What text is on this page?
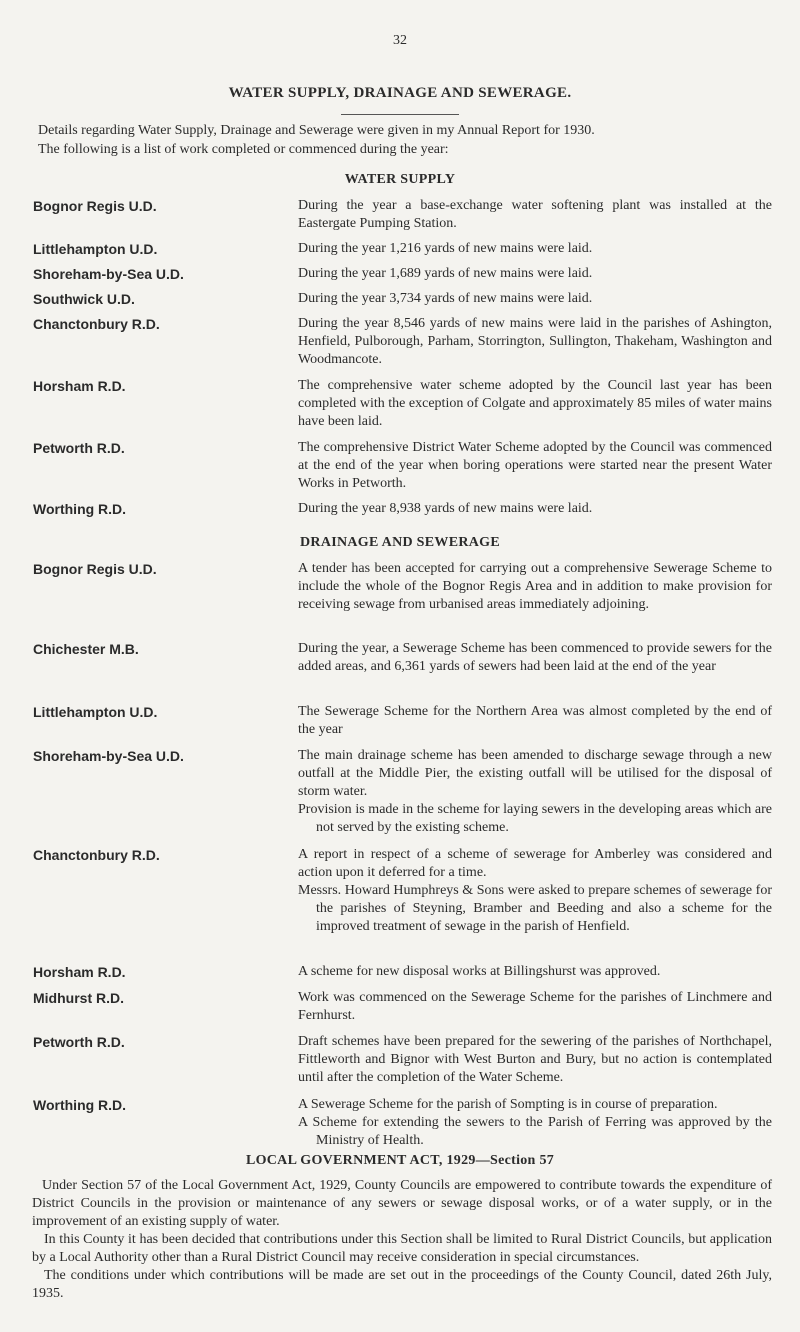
32
WATER SUPPLY, DRAINAGE AND SEWERAGE.

Details regarding Water Supply, Drainage and Sewerage were given in my Annual Report for 1930.

The following is a list of work completed or commenced during the year:

WATER SUPPLY
Bognor Regis U.D.	During the year a base-exchange water softening plant was installed at the Eastergate Pumping Station.

Littlehampton U.D.	During the year 1,216 yards of new mains were laid.

Shoreham-by-Sea U.D.	During the year 1,689 yards of new mains were laid.

Southwick U.D.	During the year 3,734 yards of new mains were laid.

Chanctonbury R.D.	During the year 8,546 yards of new mains were laid in the parishes of Ashington, Henfield, Pulborough, Parham, Storrington, Sullington, Thakeham, Washington and Woodmancote.

Horsham R.D.	The comprehensive water scheme adopted by the Council last year has been completed with the exception of Colgate and approximately 85 miles of water mains have been laid.

Petworth R.D.	The comprehensive District Water Scheme adopted by the Council was commenced at the end of the year when boring operations were started near the present Water Works in Petworth.

Worthing R.D.	During the year 8,938 yards of new mains were laid.

DRAINAGE AND SEWERAGE
Bognor Regis U.D.	A tender has been accepted for carrying out a comprehensive Sewerage Scheme to include the whole of the Bognor Regis Area and in addition to make provision for receiving sewage from urbanised areas immediately adjoining.

Chichester M.B.	During the year, a Sewerage Scheme has been commenced to provide sewers for the added areas, and 6,361 yards of sewers had been laid at the end of the year

Littlehampton U.D.	The Sewerage Scheme for the Northern Area was almost completed by the end of the year

Shoreham-by-Sea U.D.	The main drainage scheme has been amended to discharge sewage through a new outfall at the Middle Pier, the existing outfall will be utilised for the disposal of storm water.

Provision is made in the scheme for laying sewers in the developing areas which are not served by the existing scheme.

Chanctonbury R.D.	A report in respect of a scheme of sewerage for Amberley was considered and action upon it deferred for a time.

Messrs. Howard Humphreys & Sons were asked to prepare schemes of sewerage for the parishes of Steyning, Bramber and Beeding and also a scheme for the improved treatment of sewage in the parish of Henfield.

Horsham R.D.	A scheme for new disposal works at Billingshurst was approved.

Midhurst R.D.	Work was commenced on the Sewerage Scheme for the parishes of Linchmere and Fernhurst.

Petworth R.D.	Draft schemes have been prepared for the sewering of the parishes of Northchapel, Fittleworth and Bignor with West Burton and Bury, but no action is contemplated until after the completion of the Water Scheme.

Worthing R.D.	A Sewerage Scheme for the parish of Sompting is in course of preparation.

A Scheme for extending the sewers to the Parish of Ferring was approved by the Ministry of Health.

LOCAL GOVERNMENT ACT, 1929—Section 57

Under Section 57 of the Local Government Act, 1929, County Councils are empowered to contribute towards the expenditure of District Councils in the provision or maintenance of any sewers or sewage disposal works, or of a water supply, or in the improvement of an existing supply of water.

In this County it has been decided that contributions under this Section shall be limited to Rural District Councils, but application by a Local Authority other than a Rural District Council may receive consideration in special circumstances.

The conditions under which contributions will be made are set out in the proceedings of the County Council, dated 26th July, 1935.
